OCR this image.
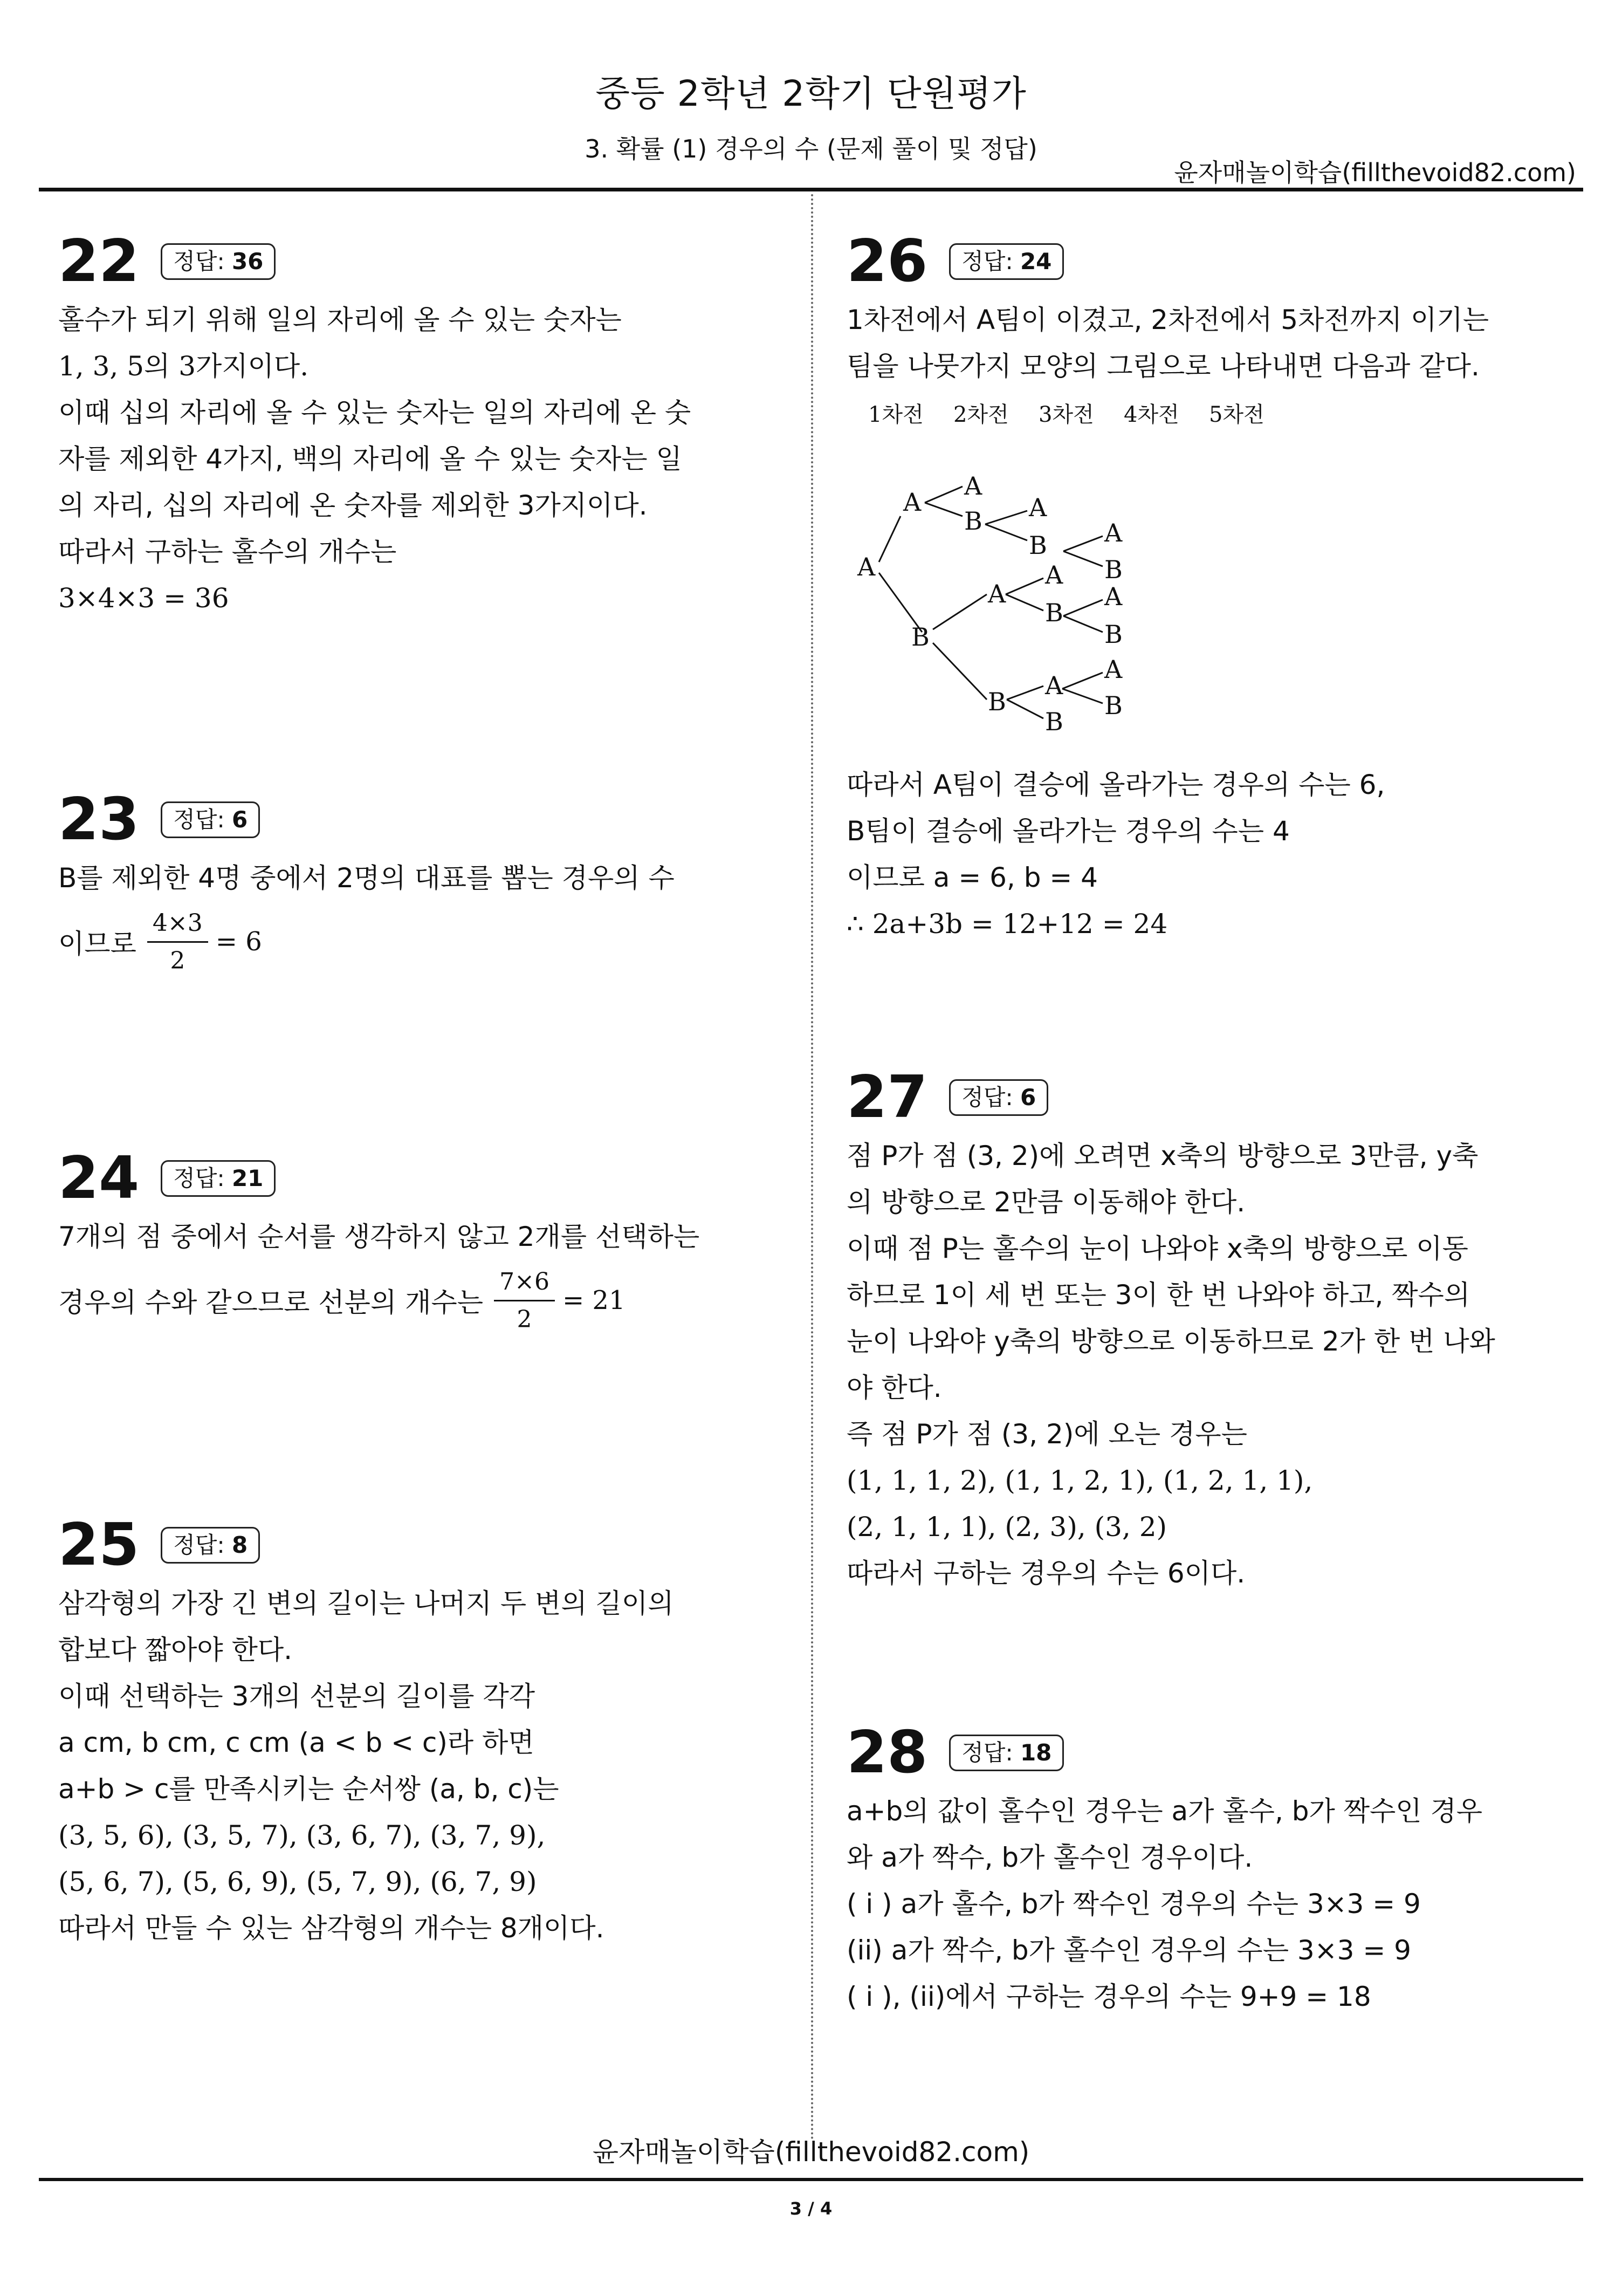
중등 2학년 2학기 단원평가
3. 확률 (1) 경우의 수 (문제 풀이 및 정답)
윤자매놀이학습(fillthevoid82.com)
22	정답: 36
홀수가 되기 위해 일의 자리에 올 수 있는 숫자는
1, 3, 5의 3가지이다.
이때 십의 자리에 올 수 있는 숫자는 일의 자리에 온 숫
자를 제외한 4가지, 백의 자리에 올 수 있는 숫자는 일
의 자리, 십의 자리에 온 숫자를 제외한 3가지이다.
따라서 구하는 홀수의 개수는
3×4×3 = 36
23	정답: 6
B를 제외한 4명 중에서 2명의 대표를 뽑는 경우의 수
이므로 $\frac{4\times 3}{2} = 6$
24	정답: 21
7개의 점 중에서 순서를 생각하지 않고 2개를 선택하는
경우의 수와 같으므로 선분의 개수는 $\frac{7\times 6}{2} = 21$
25	정답: 8
삼각형의 가장 긴 변의 길이는 나머지 두 변의 길이의
합보다 짧아야 한다.
이때 선택하는 3개의 선분의 길이를 각각
a cm, b cm, c cm (a < b < c)라 하면
a+b > c를 만족시키는 순서쌍 (a, b, c)는
(3, 5, 6), (3, 5, 7), (3, 6, 7), (3, 7, 9),
(5, 6, 7), (5, 6, 9), (5, 7, 9), (6, 7, 9)
따라서 만들 수 있는 삼각형의 개수는 8개이다.
26	정답: 24
1차전에서 A팀이 이겼고, 2차전에서 5차전까지 이기는
팀을 나뭇가지 모양의 그림으로 나타내면 다음과 같다.
1차전 2차전 3차전 4차전 5차전
A
A
A
B A
B A
B
B
A
A
B
A
B
B
A
B
A
B
따라서 A팀이 결승에 올라가는 경우의 수는 6,
B팀이 결승에 올라가는 경우의 수는 4
이므로 a = 6, b = 4
∴ 2a+3b = 12+12 = 24
27	정답: 6
점 P가 점 (3, 2)에 오려면 x축의 방향으로 3만큼, y축
의 방향으로 2만큼 이동해야 한다.
이때 점 P는 홀수의 눈이 나와야 x축의 방향으로 이동
하므로 1이 세 번 또는 3이 한 번 나와야 하고, 짝수의
눈이 나와야 y축의 방향으로 이동하므로 2가 한 번 나와
야 한다.
즉 점 P가 점 (3, 2)에 오는 경우는
(1, 1, 1, 2), (1, 1, 2, 1), (1, 2, 1, 1),
(2, 1, 1, 1), (2, 3), (3, 2)
따라서 구하는 경우의 수는 6이다.
28	정답: 18
a+b의 값이 홀수인 경우는 a가 홀수, b가 짝수인 경우
와 a가 짝수, b가 홀수인 경우이다.
( i ) a가 홀수, b가 짝수인 경우의 수는 3×3 = 9
(ii) a가 짝수, b가 홀수인 경우의 수는 3×3 = 9
( i ), (ii)에서 구하는 경우의 수는 9+9 = 18
윤자매놀이학습(fillthevoid82.com)
3 / 4
